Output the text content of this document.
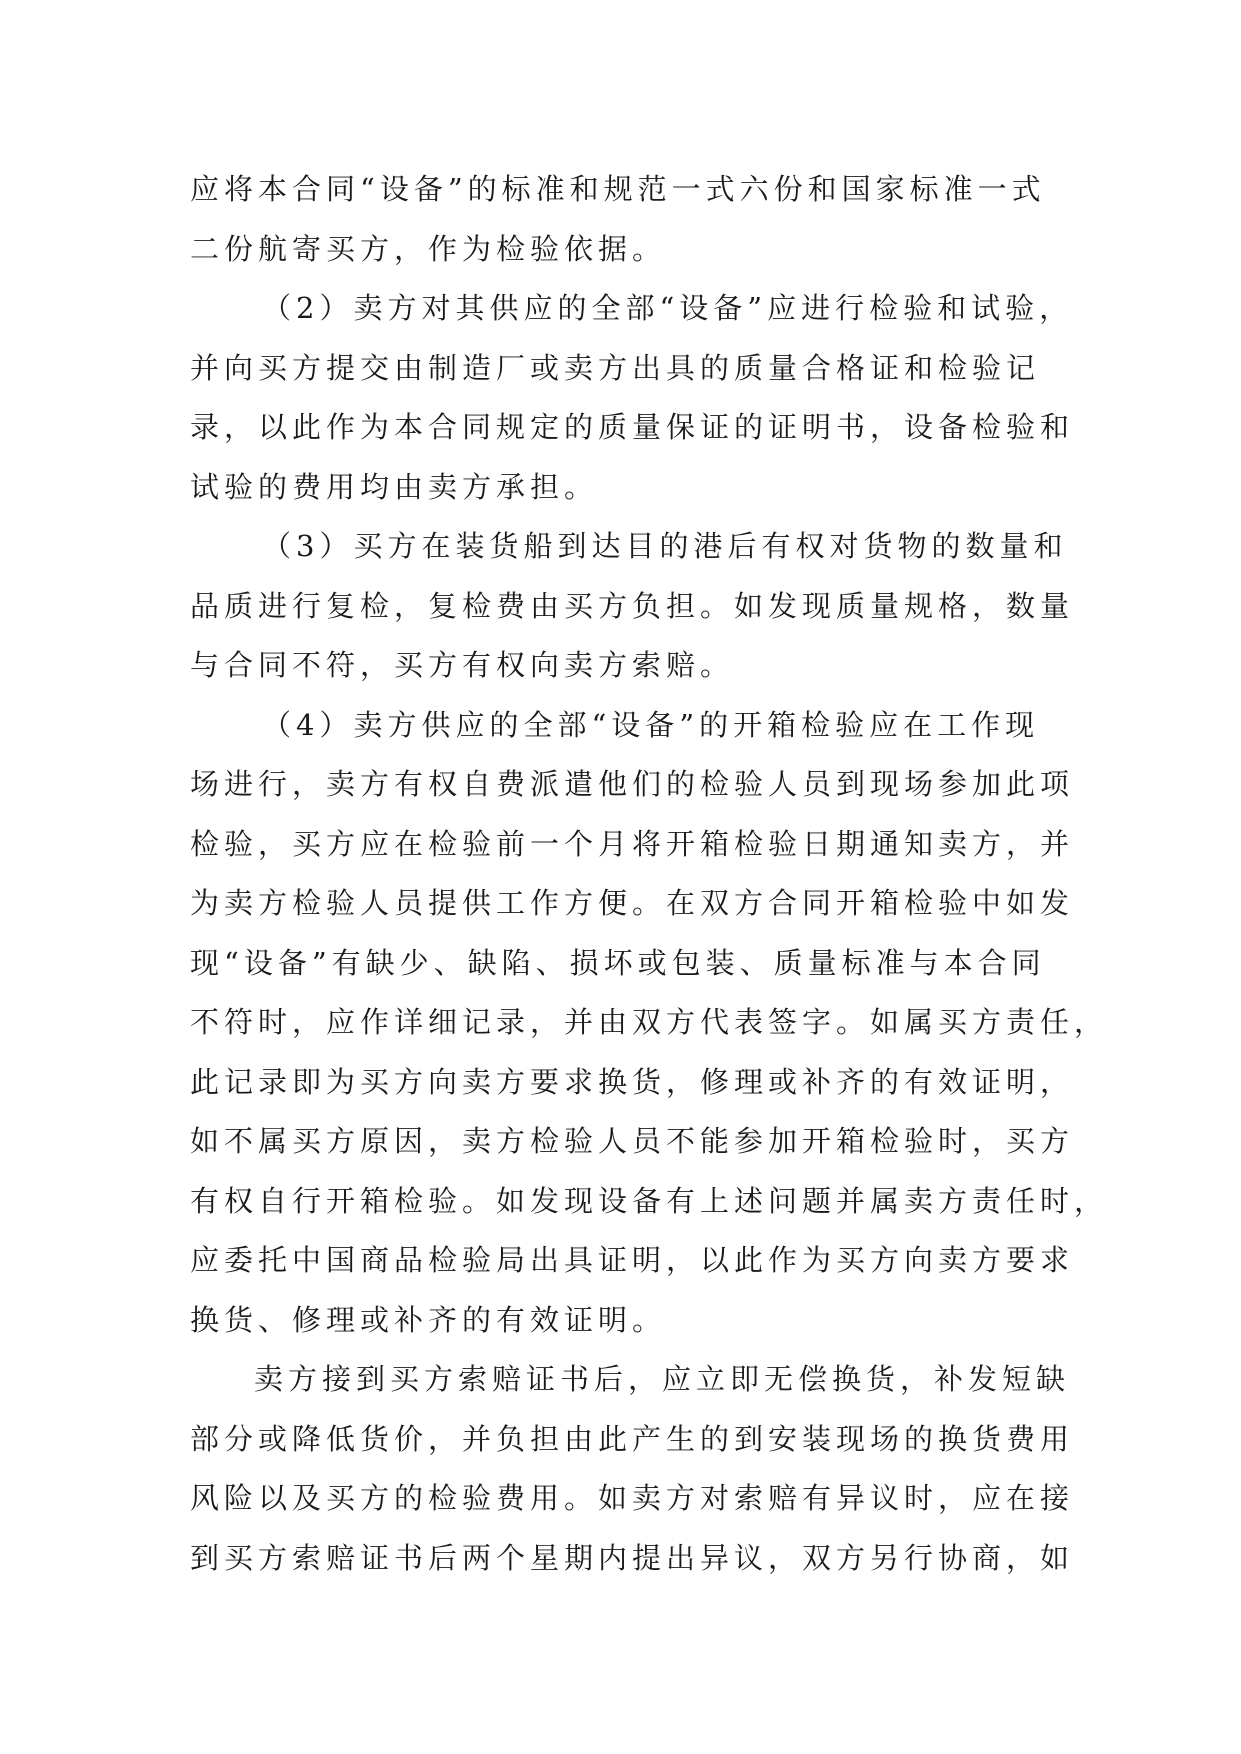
应将本合同“设备”的标准和规范一式六份和国家标准一式
二份航寄买方，作为检验依据。

（2）卖方对其供应的全部“设备”应进行检验和试验，
并向买方提交由制造厂或卖方出具的质量合格证和检验记
录，以此作为本合同规定的质量保证的证明书，设备检验和
试验的费用均由卖方承担。

（3）买方在装货船到达目的港后有权对货物的数量和
品质进行复检，复检费由买方负担。如发现质量规格，数量
与合同不符，买方有权向卖方索赔。

（4）卖方供应的全部“设备”的开箱检验应在工作现
场进行，卖方有权自费派遣他们的检验人员到现场参加此项
检验，买方应在检验前一个月将开箱检验日期通知卖方，并
为卖方检验人员提供工作方便。在双方合同开箱检验中如发
现“设备”有缺少、缺陷、损坏或包装、质量标准与本合同
不符时，应作详细记录，并由双方代表签字。如属买方责任，
此记录即为买方向卖方要求换货，修理或补齐的有效证明，
如不属买方原因，卖方检验人员不能参加开箱检验时，买方
有权自行开箱检验。如发现设备有上述问题并属卖方责任时，
应委托中国商品检验局出具证明，以此作为买方向卖方要求
换货、修理或补齐的有效证明。

卖方接到买方索赔证书后，应立即无偿换货，补发短缺
部分或降低货价，并负担由此产生的到安装现场的换货费用
风险以及买方的检验费用。如卖方对索赔有异议时，应在接
到买方索赔证书后两个星期内提出异议，双方另行协商，如
